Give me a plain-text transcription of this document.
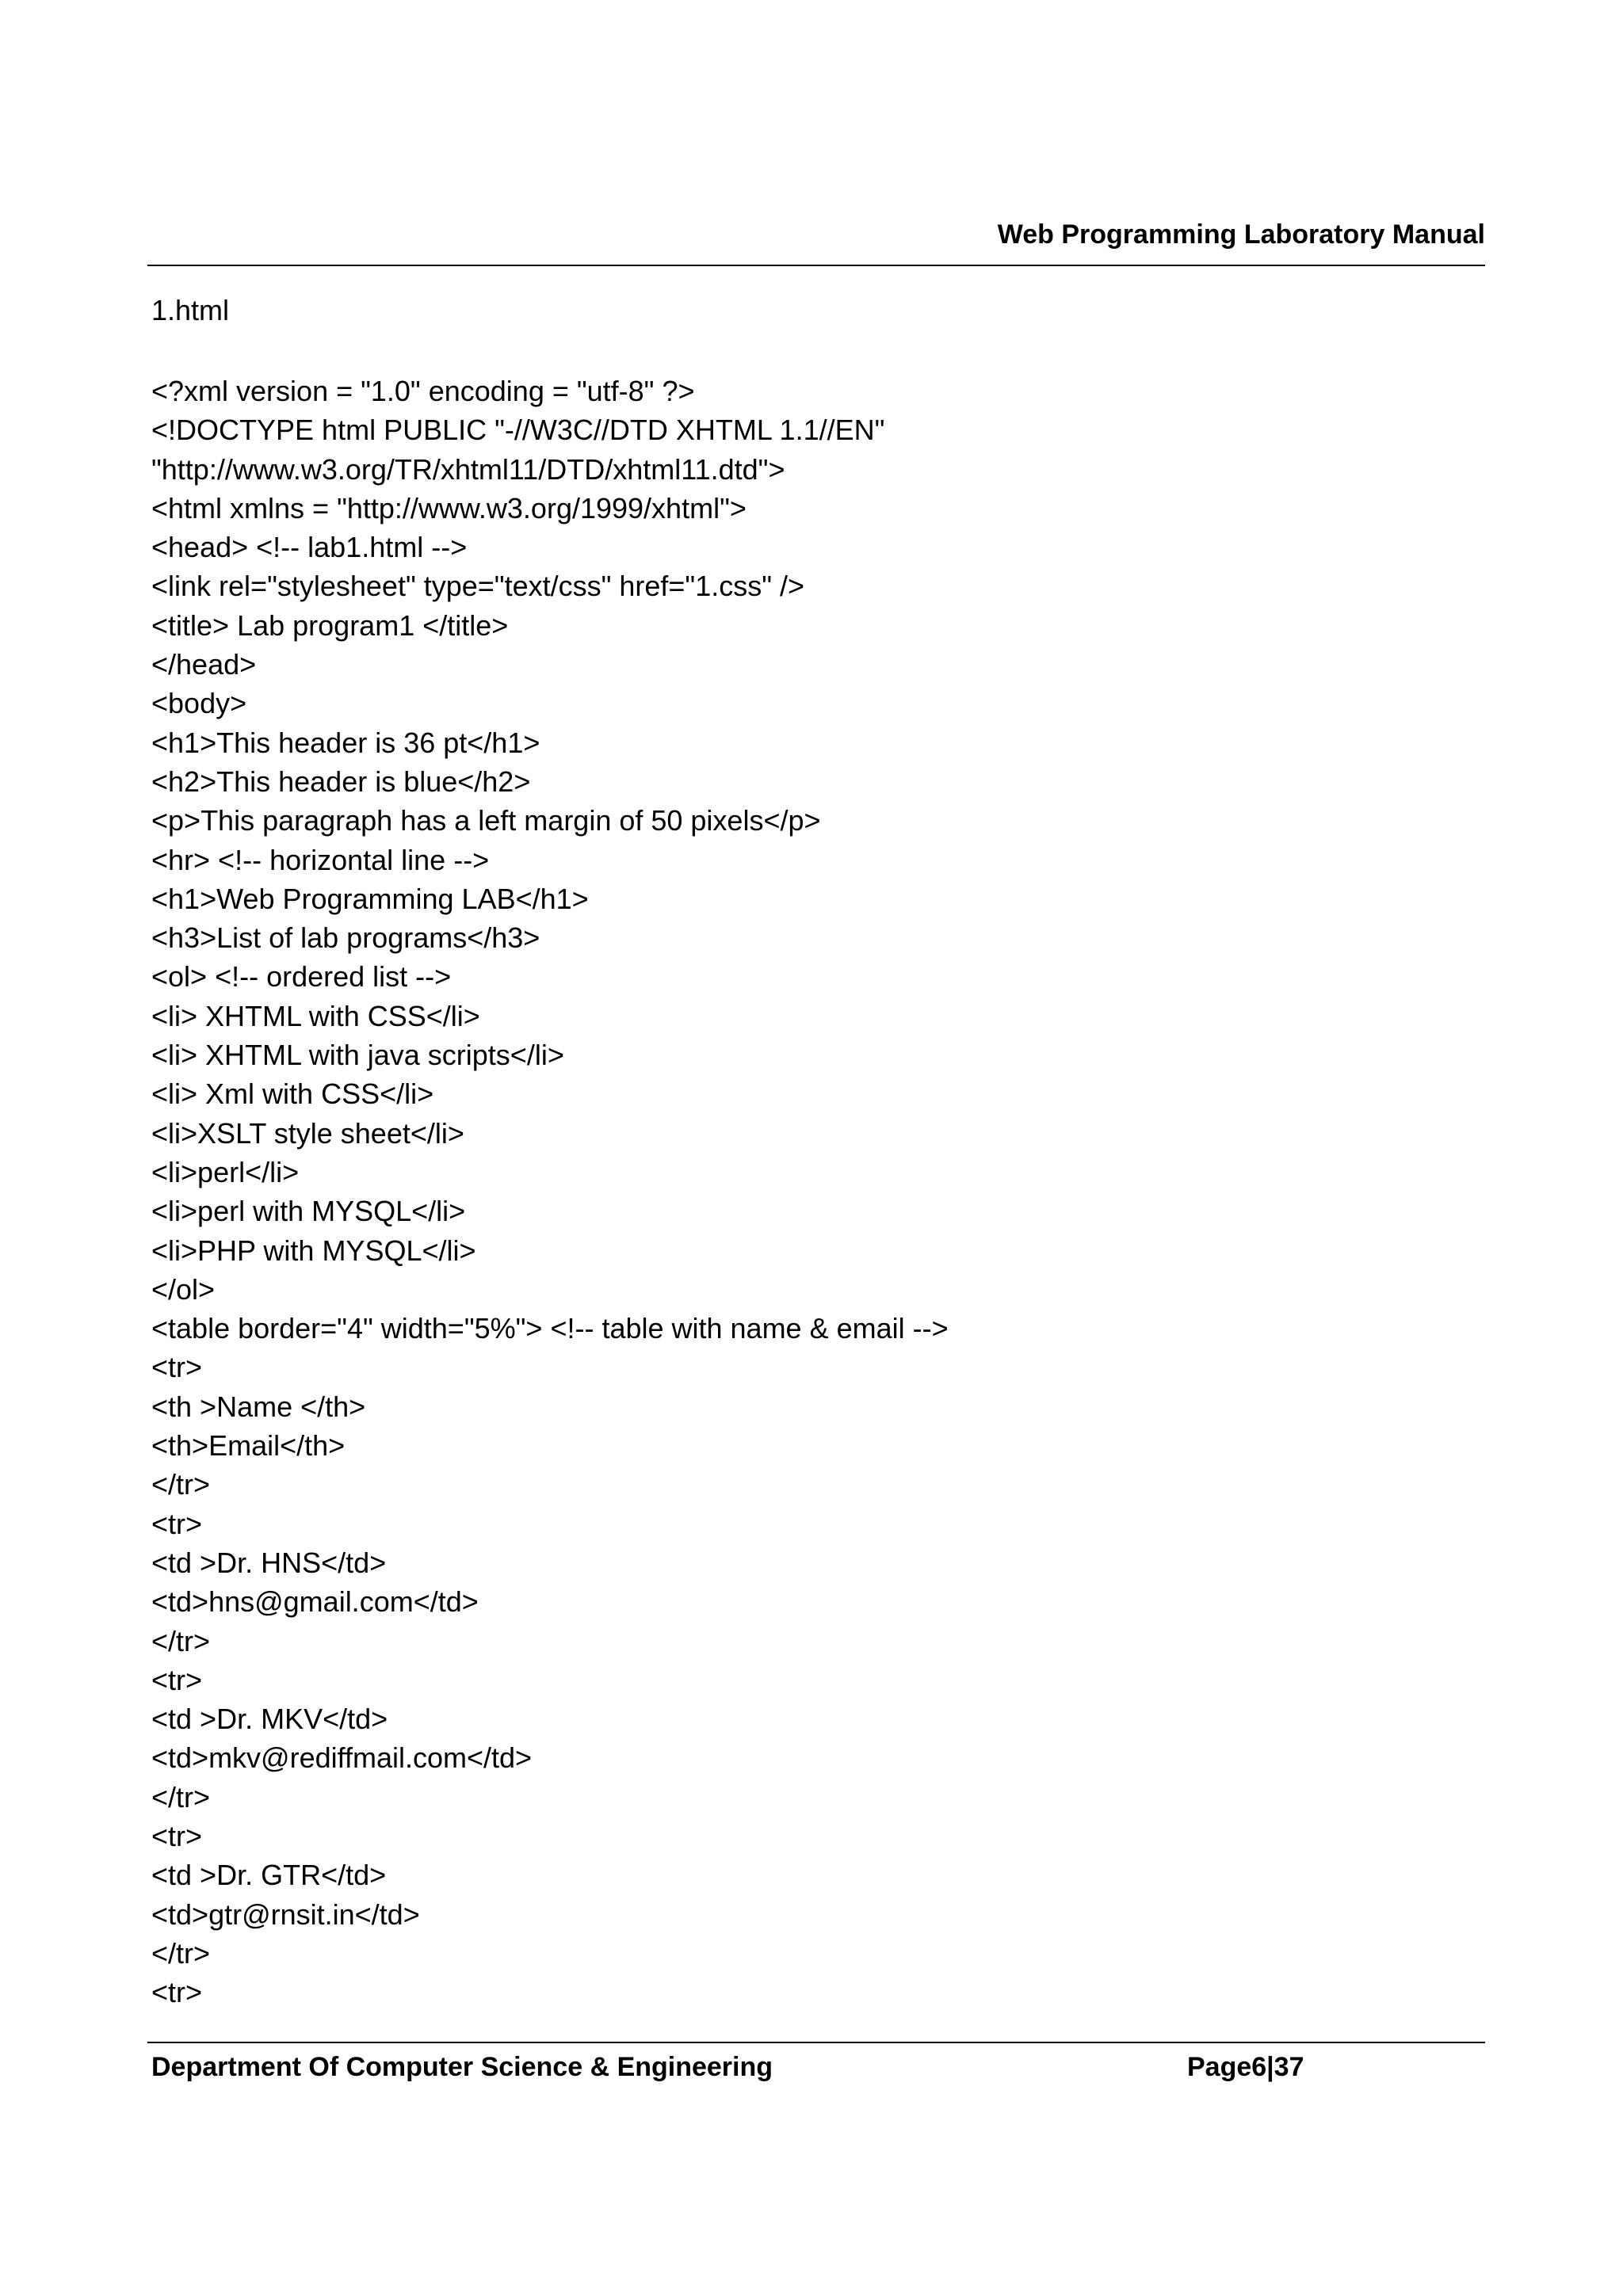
Web Programming Laboratory Manual
1.html
<?xml version = "1.0" encoding = "utf-8" ?>
<!DOCTYPE html PUBLIC "-//W3C//DTD XHTML 1.1//EN"
"http://www.w3.org/TR/xhtml11/DTD/xhtml11.dtd">
<html xmlns = "http://www.w3.org/1999/xhtml">
<head> <!-- lab1.html -->
<link rel="stylesheet" type="text/css" href="1.css" />
<title> Lab program1 </title>
</head>
<body>
<h1>This header is 36 pt</h1>
<h2>This header is blue</h2>
<p>This paragraph has a left margin of 50 pixels</p>
<hr> <!-- horizontal line -->
<h1>Web Programming LAB</h1>
<h3>List of lab programs</h3>
<ol> <!-- ordered list -->
<li> XHTML with CSS</li>
<li> XHTML with java scripts</li>
<li> Xml with CSS</li>
<li>XSLT style sheet</li>
<li>perl</li>
<li>perl with MYSQL</li>
<li>PHP with MYSQL</li>
</ol>
<table border="4" width="5%"> <!-- table with name & email -->
<tr>
<th >Name </th>
<th>Email</th>
</tr>
<tr>
<td >Dr. HNS</td>
<td>hns@gmail.com</td>
</tr>
<tr>
<td >Dr. MKV</td>
<td>mkv@rediffmail.com</td>
</tr>
<tr>
<td >Dr. GTR</td>
<td>gtr@rnsit.in</td>
</tr>
<tr>
Department Of Computer Science & Engineering	Page6|37
